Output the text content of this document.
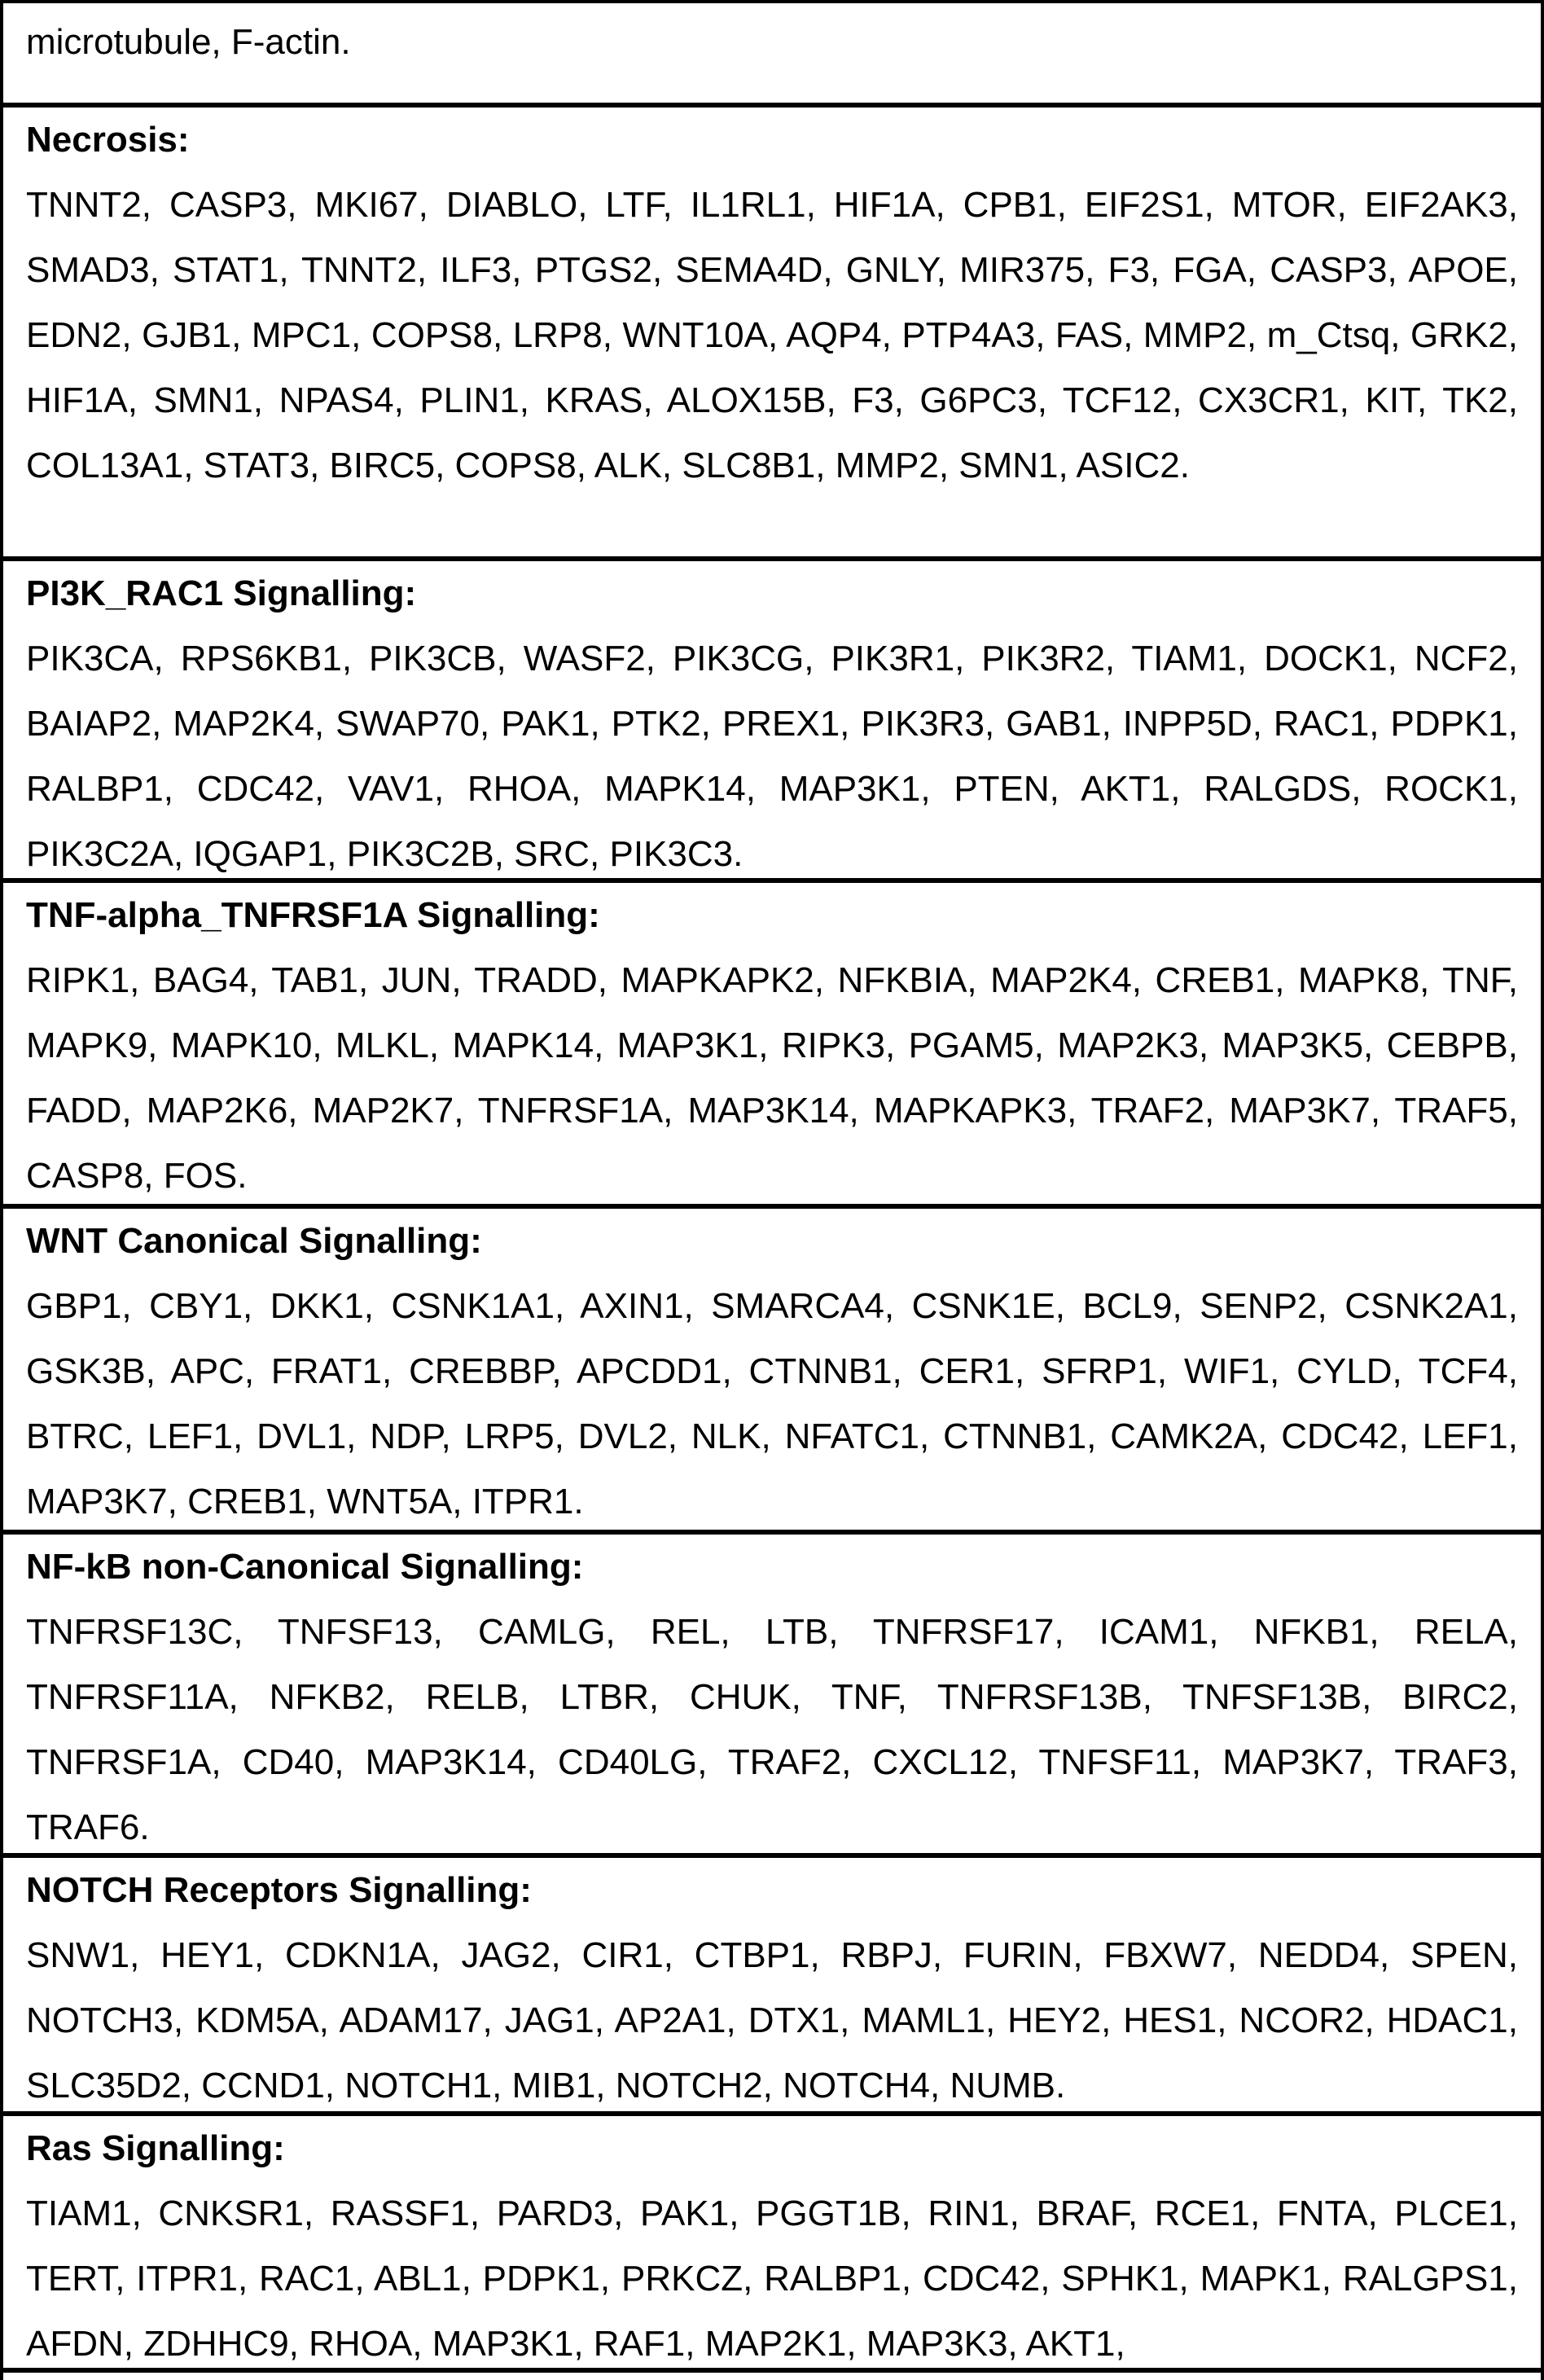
microtubule, F-actin.
Necrosis:
TNNT2, CASP3, MKI67, DIABLO, LTF, IL1RL1, HIF1A, CPB1, EIF2S1, MTOR, EIF2AK3, SMAD3, STAT1, TNNT2, ILF3, PTGS2, SEMA4D, GNLY, MIR375, F3, FGA, CASP3, APOE, EDN2, GJB1, MPC1, COPS8, LRP8, WNT10A, AQP4, PTP4A3, FAS, MMP2, m_Ctsq, GRK2, HIF1A, SMN1, NPAS4, PLIN1, KRAS, ALOX15B, F3, G6PC3, TCF12, CX3CR1, KIT, TK2, COL13A1, STAT3, BIRC5, COPS8, ALK, SLC8B1, MMP2, SMN1, ASIC2.
PI3K_RAC1 Signalling:
PIK3CA, RPS6KB1, PIK3CB, WASF2, PIK3CG, PIK3R1, PIK3R2, TIAM1, DOCK1, NCF2, BAIAP2, MAP2K4, SWAP70, PAK1, PTK2, PREX1, PIK3R3, GAB1, INPP5D, RAC1, PDPK1, RALBP1, CDC42, VAV1, RHOA, MAPK14, MAP3K1, PTEN, AKT1, RALGDS, ROCK1, PIK3C2A, IQGAP1, PIK3C2B, SRC, PIK3C3.
TNF-alpha_TNFRSF1A Signalling:
RIPK1, BAG4, TAB1, JUN, TRADD, MAPKAPK2, NFKBIA, MAP2K4, CREB1, MAPK8, TNF, MAPK9, MAPK10, MLKL, MAPK14, MAP3K1, RIPK3, PGAM5, MAP2K3, MAP3K5, CEBPB, FADD, MAP2K6, MAP2K7, TNFRSF1A, MAP3K14, MAPKAPK3, TRAF2, MAP3K7, TRAF5, CASP8, FOS.
WNT Canonical Signalling:
GBP1, CBY1, DKK1, CSNK1A1, AXIN1, SMARCA4, CSNK1E, BCL9, SENP2, CSNK2A1, GSK3B, APC, FRAT1, CREBBP, APCDD1, CTNNB1, CER1, SFRP1, WIF1, CYLD, TCF4, BTRC, LEF1, DVL1, NDP, LRP5, DVL2, NLK, NFATC1, CTNNB1, CAMK2A, CDC42, LEF1, MAP3K7, CREB1, WNT5A, ITPR1.
NF-kB non-Canonical Signalling:
TNFRSF13C, TNFSF13, CAMLG, REL, LTB, TNFRSF17, ICAM1, NFKB1, RELA, TNFRSF11A, NFKB2, RELB, LTBR, CHUK, TNF, TNFRSF13B, TNFSF13B, BIRC2, TNFRSF1A, CD40, MAP3K14, CD40LG, TRAF2, CXCL12, TNFSF11, MAP3K7, TRAF3, TRAF6.
NOTCH Receptors Signalling:
SNW1, HEY1, CDKN1A, JAG2, CIR1, CTBP1, RBPJ, FURIN, FBXW7, NEDD4, SPEN, NOTCH3, KDM5A, ADAM17, JAG1, AP2A1, DTX1, MAML1, HEY2, HES1, NCOR2, HDAC1, SLC35D2, CCND1, NOTCH1, MIB1, NOTCH2, NOTCH4, NUMB.
Ras Signalling:
TIAM1, CNKSR1, RASSF1, PARD3, PAK1, PGGT1B, RIN1, BRAF, RCE1, FNTA, PLCE1, TERT, ITPR1, RAC1, ABL1, PDPK1, PRKCZ, RALBP1, CDC42, SPHK1, MAPK1, RALGPS1, AFDN, ZDHHC9, RHOA, MAP3K1, RAF1, MAP2K1, MAP3K3, AKT1,
